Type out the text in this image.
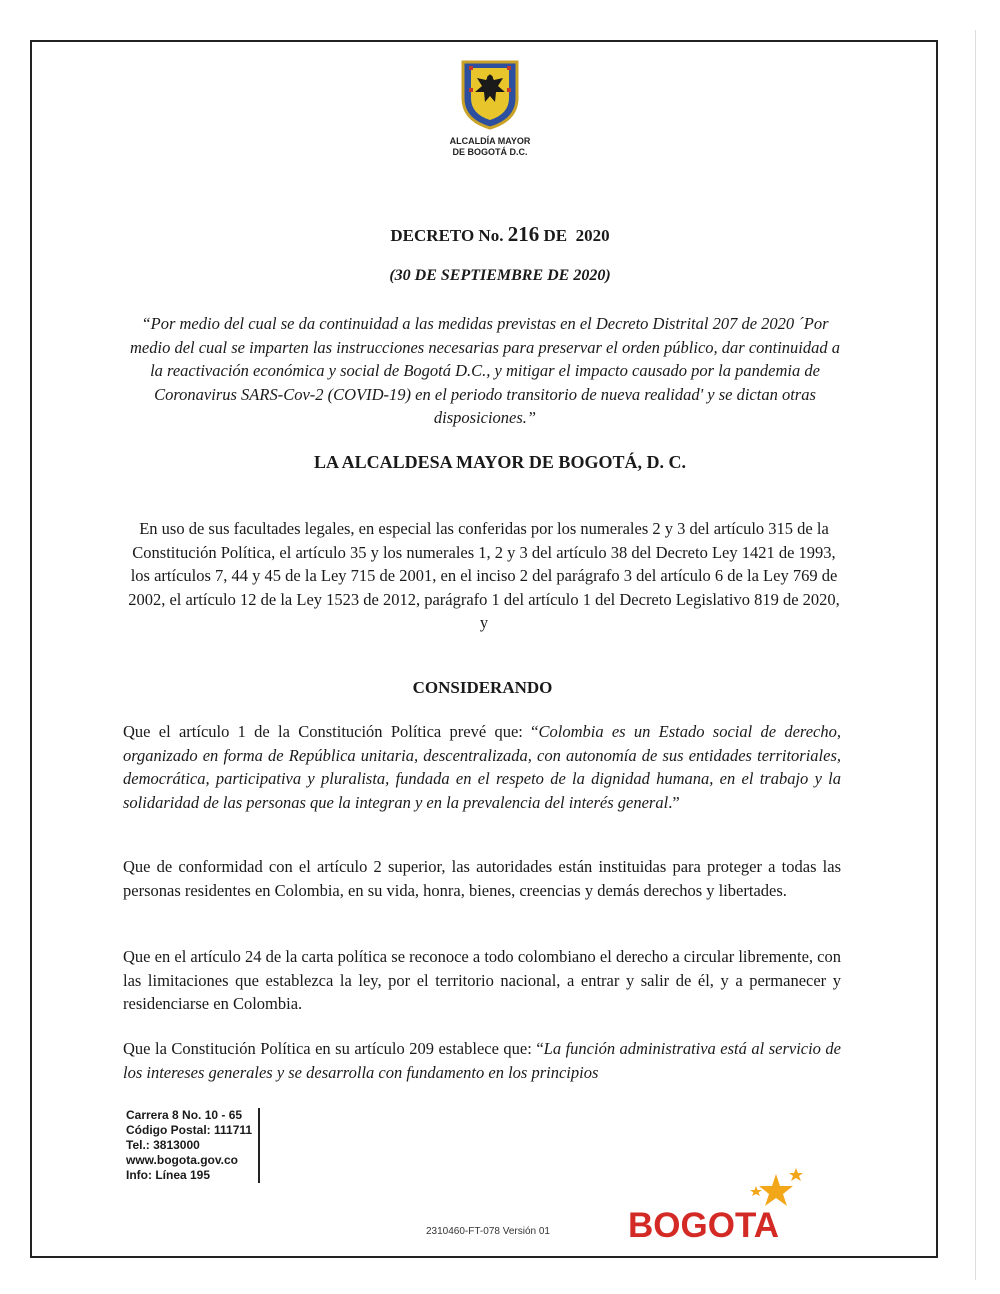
ALCALDÍA MAYOR
DE BOGOTÁ D.C.
DECRETO No. 216 DE 2020
(30 DE SEPTIEMBRE DE 2020)
“Por medio del cual se da continuidad a las medidas previstas en el Decreto Distrital 207 de 2020 ´Por medio del cual se imparten las instrucciones necesarias para preservar el orden público, dar continuidad a la reactivación económica y social de Bogotá D.C., y mitigar el impacto causado por la pandemia de Coronavirus SARS-Cov-2 (COVID-19) en el periodo transitorio de nueva realidad' y se dictan otras disposiciones.”
LA ALCALDESA MAYOR DE BOGOTÁ, D. C.
En uso de sus facultades legales, en especial las conferidas por los numerales 2 y 3 del artículo 315 de la Constitución Política, el artículo 35 y los numerales 1, 2 y 3 del artículo 38 del Decreto Ley 1421 de 1993, los artículos 7, 44 y 45 de la Ley 715 de 2001, en el inciso 2 del parágrafo 3 del artículo 6 de la Ley 769 de 2002, el artículo 12 de la Ley 1523 de 2012, parágrafo 1 del artículo 1 del Decreto Legislativo 819 de 2020, y
CONSIDERANDO

Que el artículo 1 de la Constitución Política prevé que: “Colombia es un Estado social de derecho, organizado en forma de República unitaria, descentralizada, con autonomía de sus entidades territoriales, democrática, participativa y pluralista, fundada en el respeto de la dignidad humana, en el trabajo y la solidaridad de las personas que la integran y en la prevalencia del interés general.”

Que de conformidad con el artículo 2 superior, las autoridades están instituidas para proteger a todas las personas residentes en Colombia, en su vida, honra, bienes, creencias y demás derechos y libertades.

Que en el artículo 24 de la carta política se reconoce a todo colombiano el derecho a circular libremente, con las limitaciones que establezca la ley, por el territorio nacional, a entrar y salir de él, y a permanecer y residenciarse en Colombia.

Que la Constitución Política en su artículo 209 establece que: “La función administrativa está al servicio de los intereses generales y se desarrolla con fundamento en los principios

Carrera 8 No. 10 - 65
Código Postal: 111711
Tel.: 3813000
www.bogota.gov.co
Info: Línea 195
2310460-FT-078 Versión 01 BOGOTA
